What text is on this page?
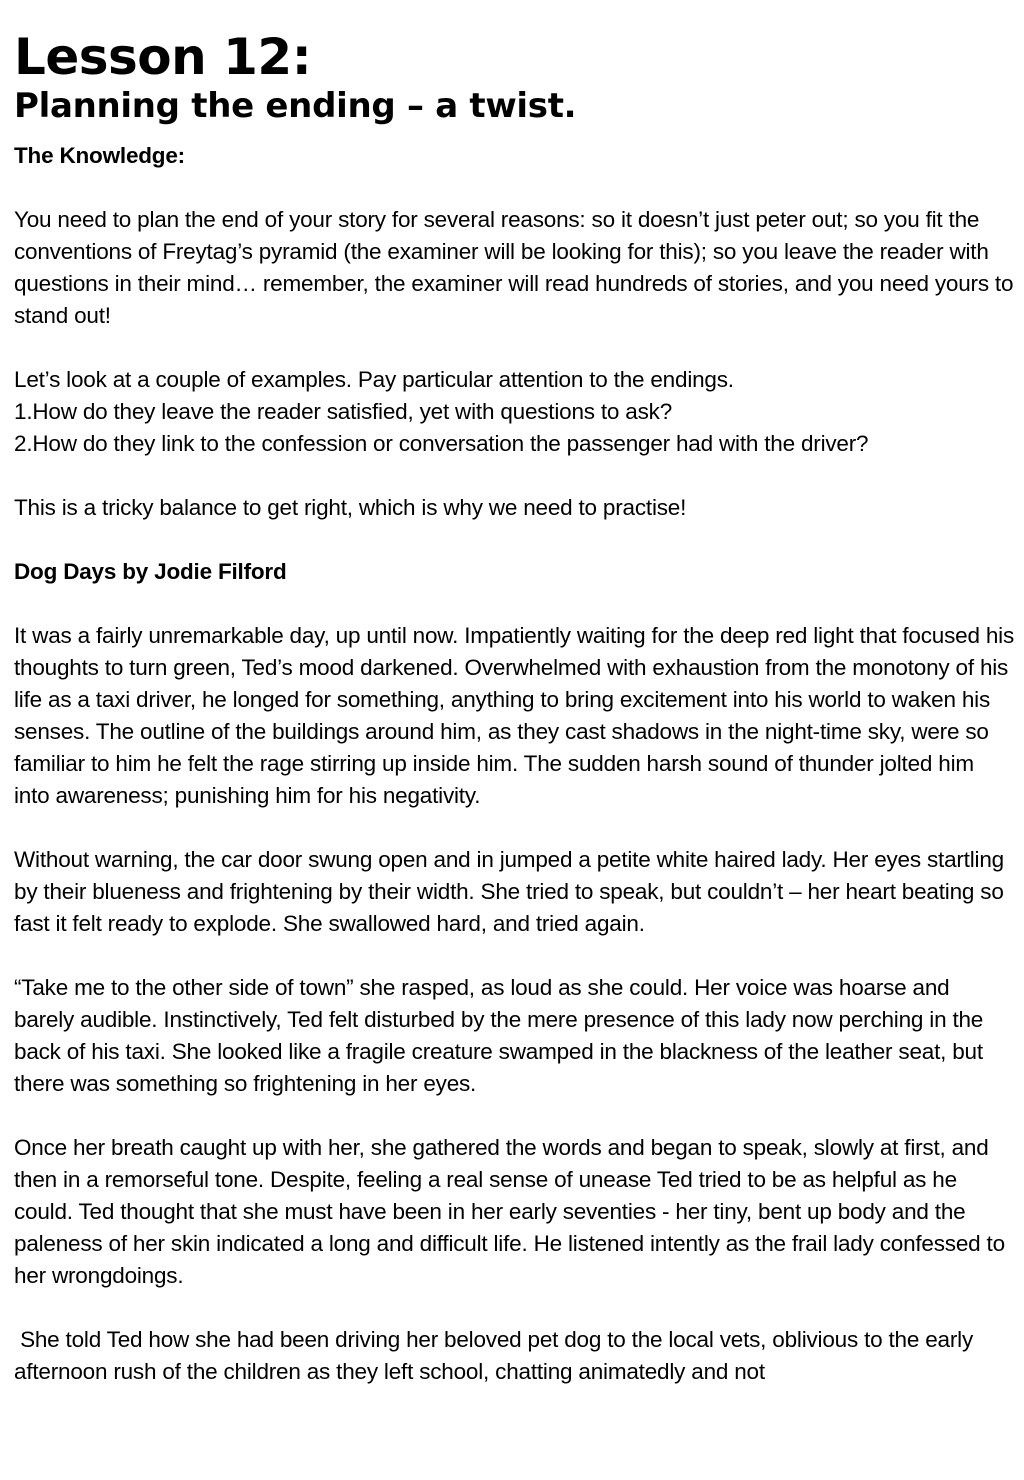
Lesson 12:
Planning the ending – a twist.

The Knowledge:

You need to plan the end of your story for several reasons: so it doesn’t just peter out; so you fit the conventions of Freytag’s pyramid (the examiner will be looking for this); so you leave the reader with questions in their mind… remember, the examiner will read hundreds of stories, and you need yours to stand out!

Let’s look at a couple of examples. Pay particular attention to the endings.

1.How do they leave the reader satisfied, yet with questions to ask?

2.How do they link to the confession or conversation the passenger had with the driver?

This is a tricky balance to get right, which is why we need to practise!

Dog Days by Jodie Filford

It was a fairly unremarkable day, up until now. Impatiently waiting for the deep red light that focused his thoughts to turn green, Ted’s mood darkened. Overwhelmed with exhaustion from the monotony of his life as a taxi driver, he longed for something, anything to bring excitement into his world to waken his senses. The outline of the buildings around him, as they cast shadows in the night-time sky, were so familiar to him he felt the rage stirring up inside him. The sudden harsh sound of thunder jolted him into awareness; punishing him for his negativity.

Without warning, the car door swung open and in jumped a petite white haired lady. Her eyes startling by their blueness and frightening by their width. She tried to speak, but couldn’t – her heart beating so fast it felt ready to explode. She swallowed hard, and tried again.

“Take me to the other side of town” she rasped, as loud as she could. Her voice was hoarse and barely audible. Instinctively, Ted felt disturbed by the mere presence of this lady now perching in the back of his taxi. She looked like a fragile creature swamped in the blackness of the leather seat, but there was something so frightening in her eyes.

Once her breath caught up with her, she gathered the words and began to speak, slowly at first, and then in a remorseful tone. Despite, feeling a real sense of unease Ted tried to be as helpful as he could. Ted thought that she must have been in her early seventies - her tiny, bent up body and the paleness of her skin indicated a long and difficult life. He listened intently as the frail lady confessed to her wrongdoings.

She told Ted how she had been driving her beloved pet dog to the local vets, oblivious to the early afternoon rush of the children as they left school, chatting animatedly and not
